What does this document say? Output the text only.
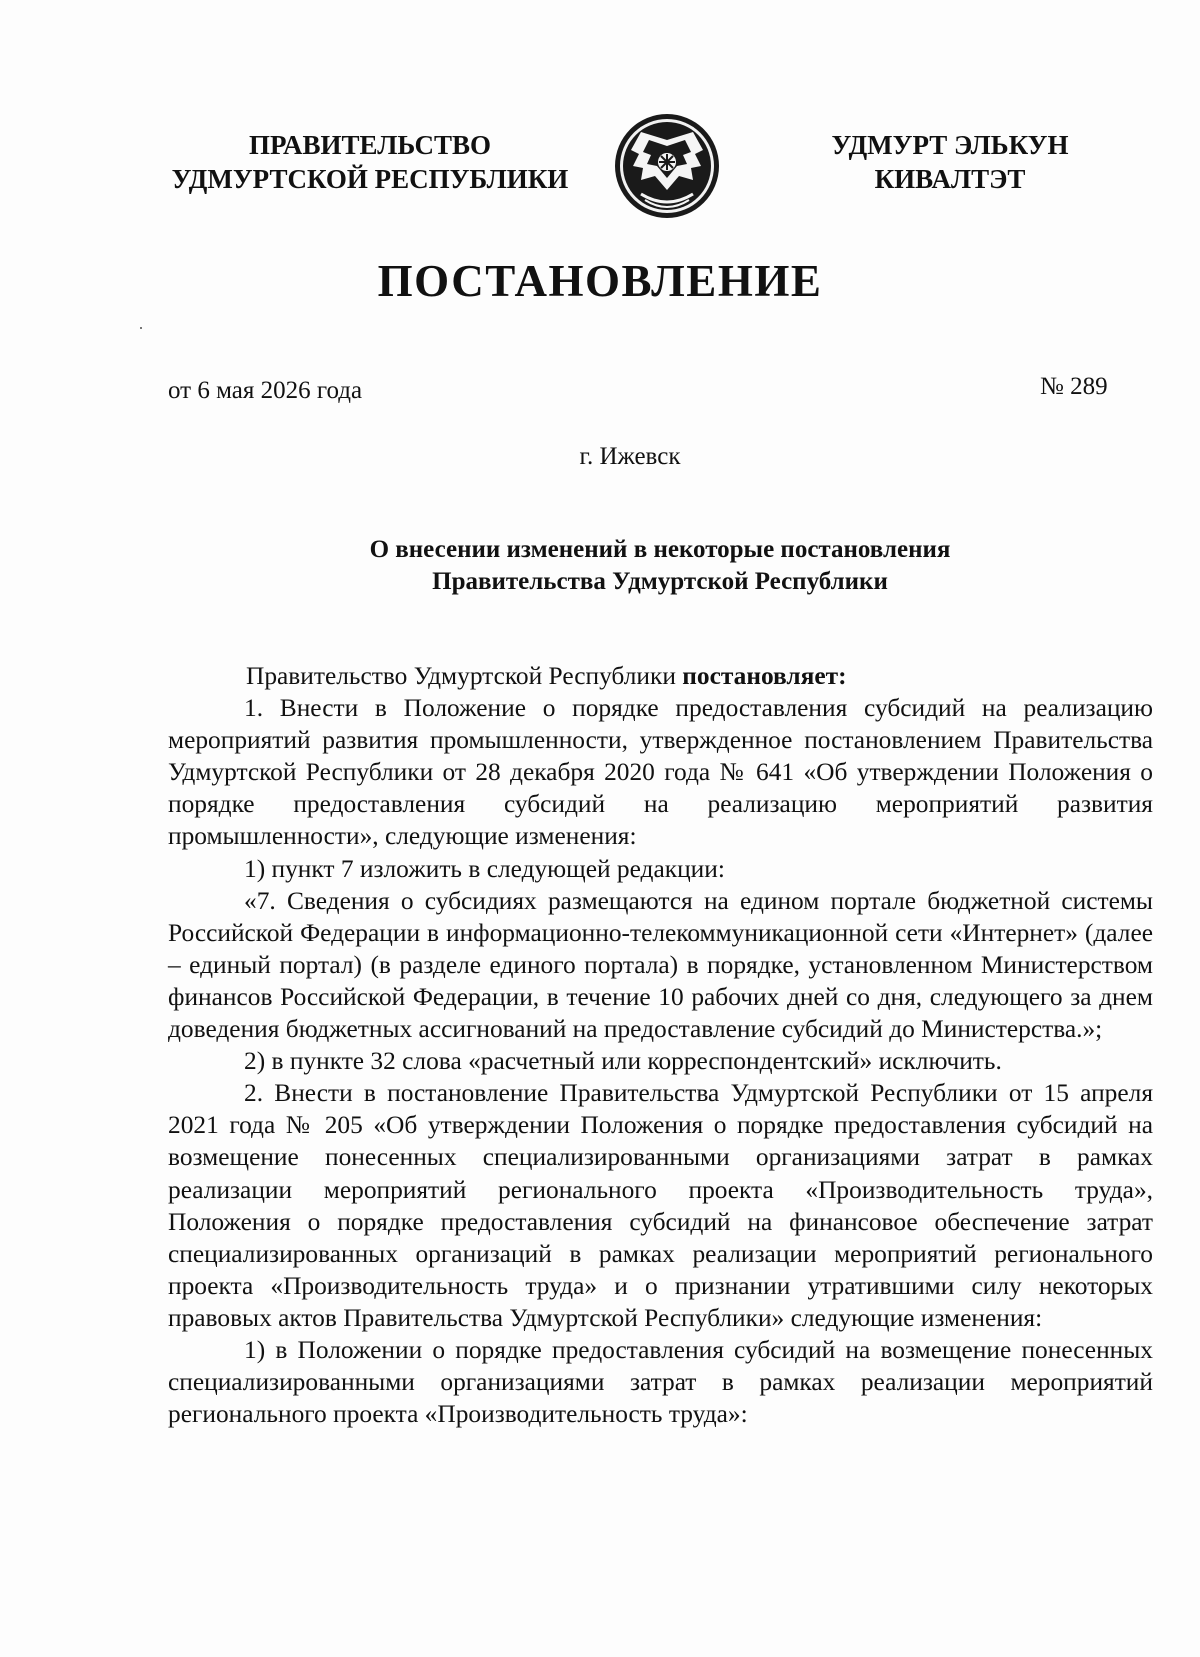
ПРАВИТЕЛЬСТВО
УДМУРТСКОЙ РЕСПУБЛИКИ
УДМУРТ ЭЛЬКУН
КИВАЛТЭТ
ПОСТАНОВЛЕНИЕ
от 6 мая 2026 года	№ 289
г. Ижевск
О внесении изменений в некоторые постановления
Правительства Удмуртской Республики

Правительство Удмуртской Республики постановляет:

1. Внести в Положение о порядке предоставления субсидий на реализацию мероприятий развития промышленности, утвержденное постановлением Правительства Удмуртской Республики от 28 декабря 2020 года № 641 «Об утверждении Положения о порядке предоставления субсидий на реализацию мероприятий развития промышленности», следующие изменения:

1) пункт 7 изложить в следующей редакции:

«7. Сведения о субсидиях размещаются на едином портале бюджетной системы Российской Федерации в информационно-телекоммуникационной сети «Интернет» (далее – единый портал) (в разделе единого портала) в порядке, установленном Министерством финансов Российской Федерации, в течение 10 рабочих дней со дня, следующего за днем доведения бюджетных ассигнований на предоставление субсидий до Министерства.»;

2) в пункте 32 слова «расчетный или корреспондентский» исключить.

2. Внести в постановление Правительства Удмуртской Республики от 15 апреля 2021 года № 205 «Об утверждении Положения о порядке предоставления субсидий на возмещение понесенных специализированными организациями затрат в рамках реализации мероприятий регионального проекта «Производительность труда», Положения о порядке предоставления субсидий на финансовое обеспечение затрат специализированных организаций в рамках реализации мероприятий регионального проекта «Производительность труда» и о признании утратившими силу некоторых правовых актов Правительства Удмуртской Республики» следующие изменения:

1) в Положении о порядке предоставления субсидий на возмещение понесенных специализированными организациями затрат в рамках реализации мероприятий регионального проекта «Производительность труда»:
